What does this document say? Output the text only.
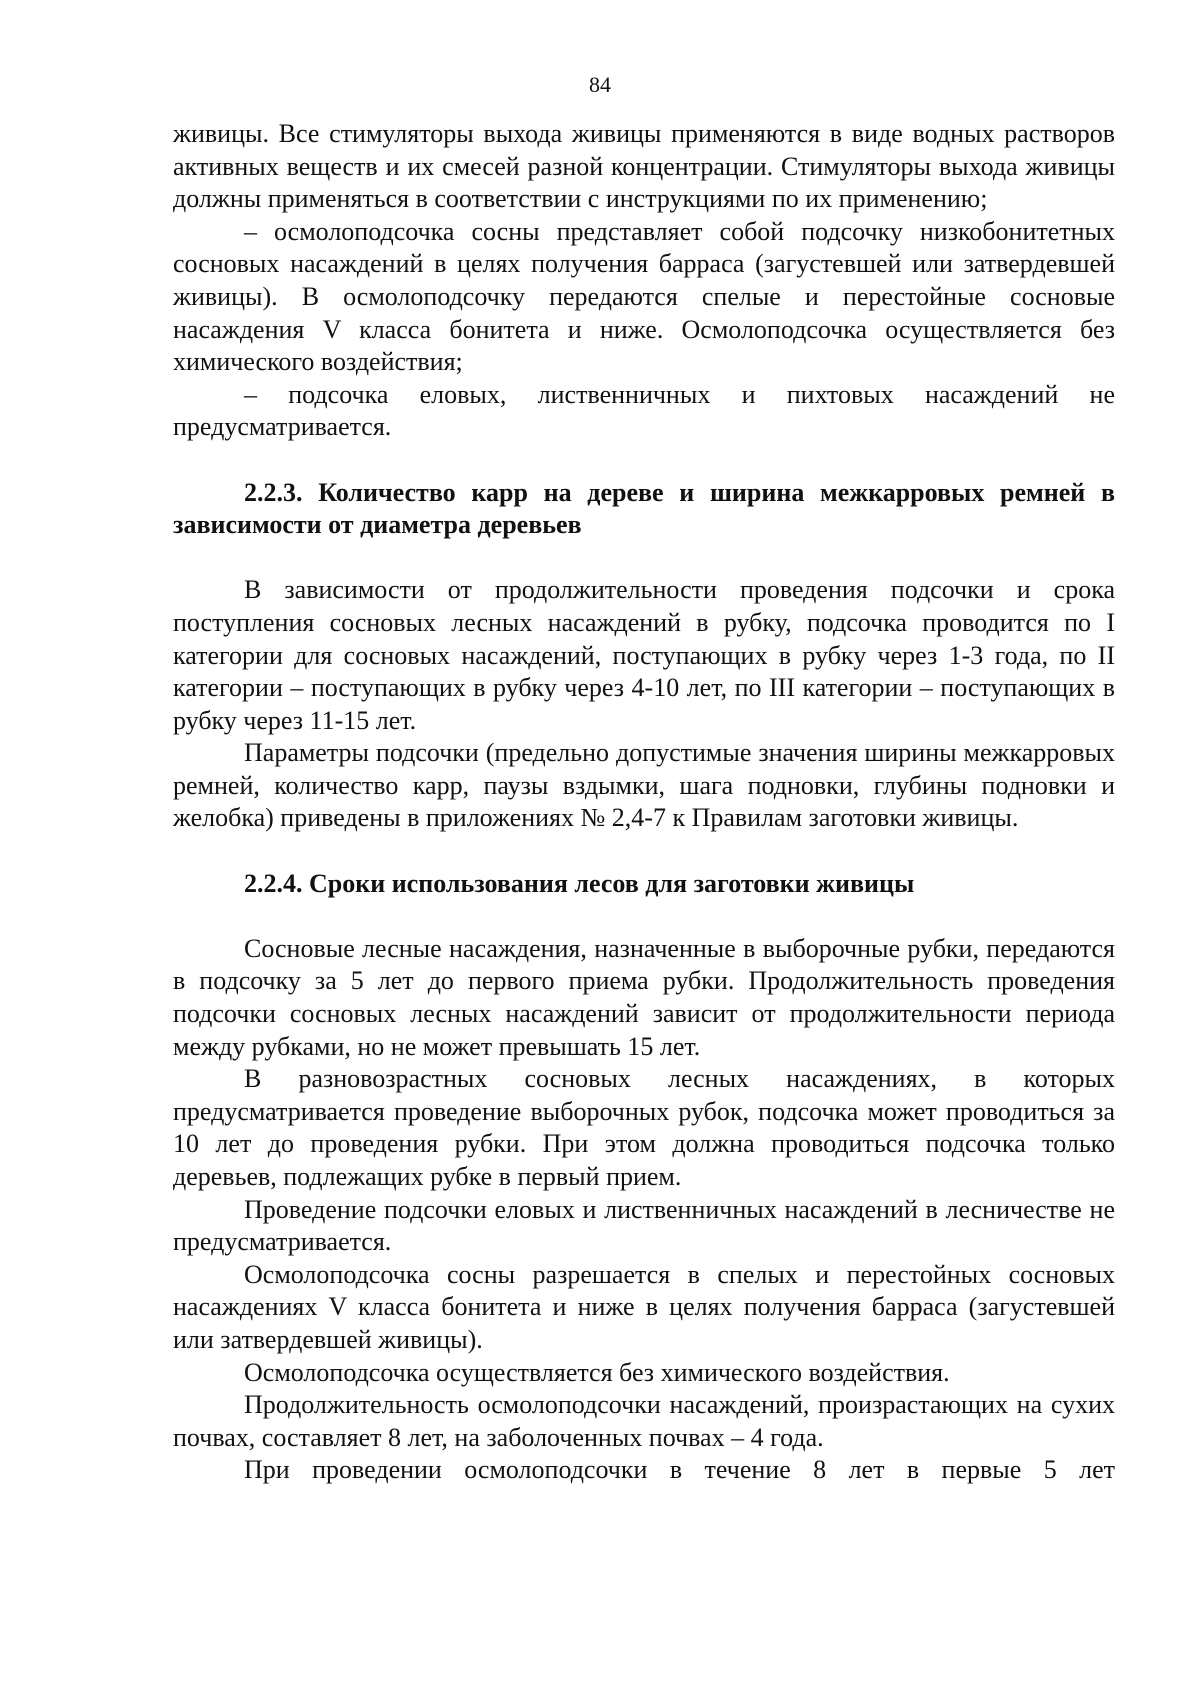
84

живицы. Все стимуляторы выхода живицы применяются в виде водных растворов активных веществ и их смесей разной концентрации. Стимуляторы выхода живицы должны применяться в соответствии с инструкциями по их применению;

– осмолоподсочка сосны представляет собой подсочку низкобонитетных сосновых насаждений в целях получения барраса (загустевшей или затвердевшей живицы). В осмолоподсочку передаются спелые и перестойные сосновые насаждения V класса бонитета и ниже. Осмолоподсочка осуществляется без химического воздействия;

– подсочка еловых, лиственничных и пихтовых насаждений не предусматривается.

2.2.3. Количество карр на дереве и ширина межкарровых ремней в зависимости от диаметра деревьев

В зависимости от продолжительности проведения подсочки и срока поступления сосновых лесных насаждений в рубку, подсочка проводится по I категории для сосновых насаждений, поступающих в рубку через 1-3 года, по II категории – поступающих в рубку через 4-10 лет, по III категории – поступающих в рубку через 11-15 лет.

Параметры подсочки (предельно допустимые значения ширины межкарровых ремней, количество карр, паузы вздымки, шага подновки, глубины подновки и желобка) приведены в приложениях № 2,4-7 к Правилам заготовки живицы.

2.2.4. Сроки использования лесов для заготовки живицы

Сосновые лесные насаждения, назначенные в выборочные рубки, передаются в подсочку за 5 лет до первого приема рубки. Продолжительность проведения подсочки сосновых лесных насаждений зависит от продолжительности периода между рубками, но не может превышать 15 лет.

В разновозрастных сосновых лесных насаждениях, в которых предусматривается проведение выборочных рубок, подсочка может проводиться за 10 лет до проведения рубки. При этом должна проводиться подсочка только деревьев, подлежащих рубке в первый прием.

Проведение подсочки еловых и лиственничных насаждений в лесничестве не предусматривается.

Осмолоподсочка сосны разрешается в спелых и перестойных сосновых насаждениях V класса бонитета и ниже в целях получения барраса (загустевшей или затвердевшей живицы).

Осмолоподсочка осуществляется без химического воздействия.

Продолжительность осмолоподсочки насаждений, произрастающих на сухих почвах, составляет 8 лет, на заболоченных почвах – 4 года.

При проведении осмолоподсочки в течение 8 лет в первые 5 лет
